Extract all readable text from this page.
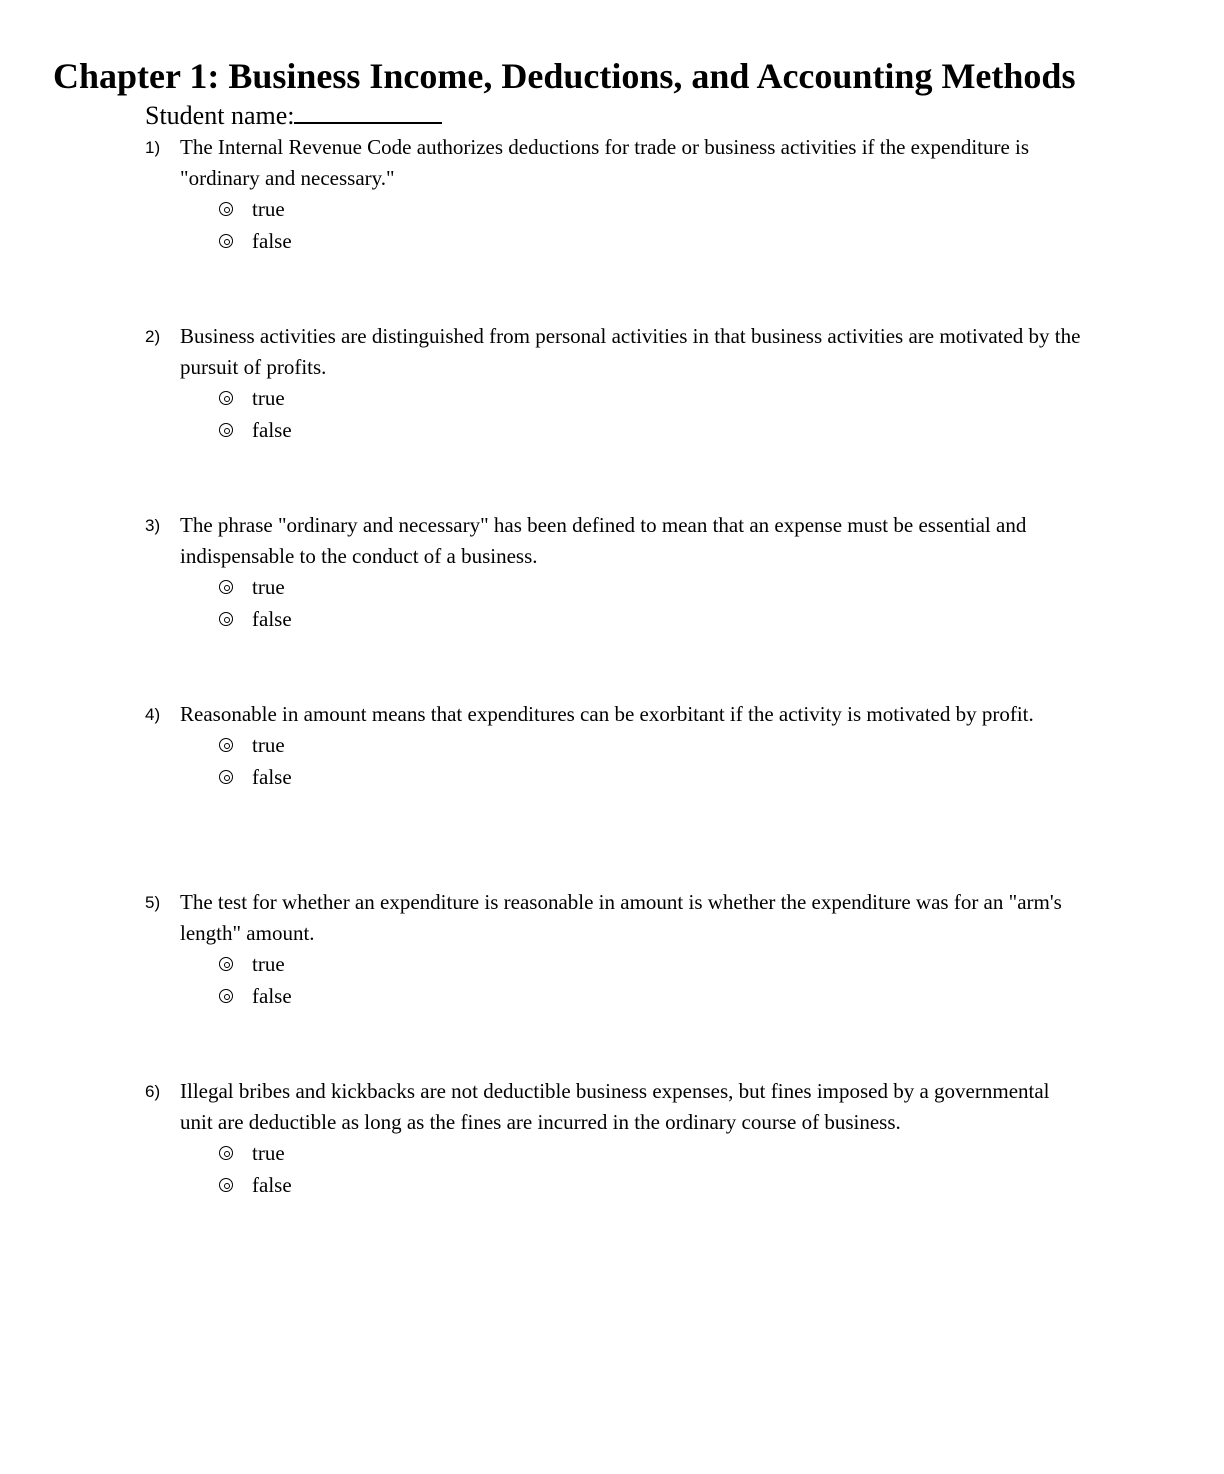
Chapter 1: Business Income, Deductions, and Accounting Methods
Student name:
1) The Internal Revenue Code authorizes deductions for trade or business activities if the expenditure is "ordinary and necessary."
true
false
2) Business activities are distinguished from personal activities in that business activities are motivated by the pursuit of profits.
true
false
3) The phrase "ordinary and necessary" has been defined to mean that an expense must be essential and indispensable to the conduct of a business.
true
false
4) Reasonable in amount means that expenditures can be exorbitant if the activity is motivated by profit.
true
false
5) The test for whether an expenditure is reasonable in amount is whether the expenditure was for an "arm's length" amount.
true
false
6) Illegal bribes and kickbacks are not deductible business expenses, but fines imposed by a governmental unit are deductible as long as the fines are incurred in the ordinary course of business.
true
false
